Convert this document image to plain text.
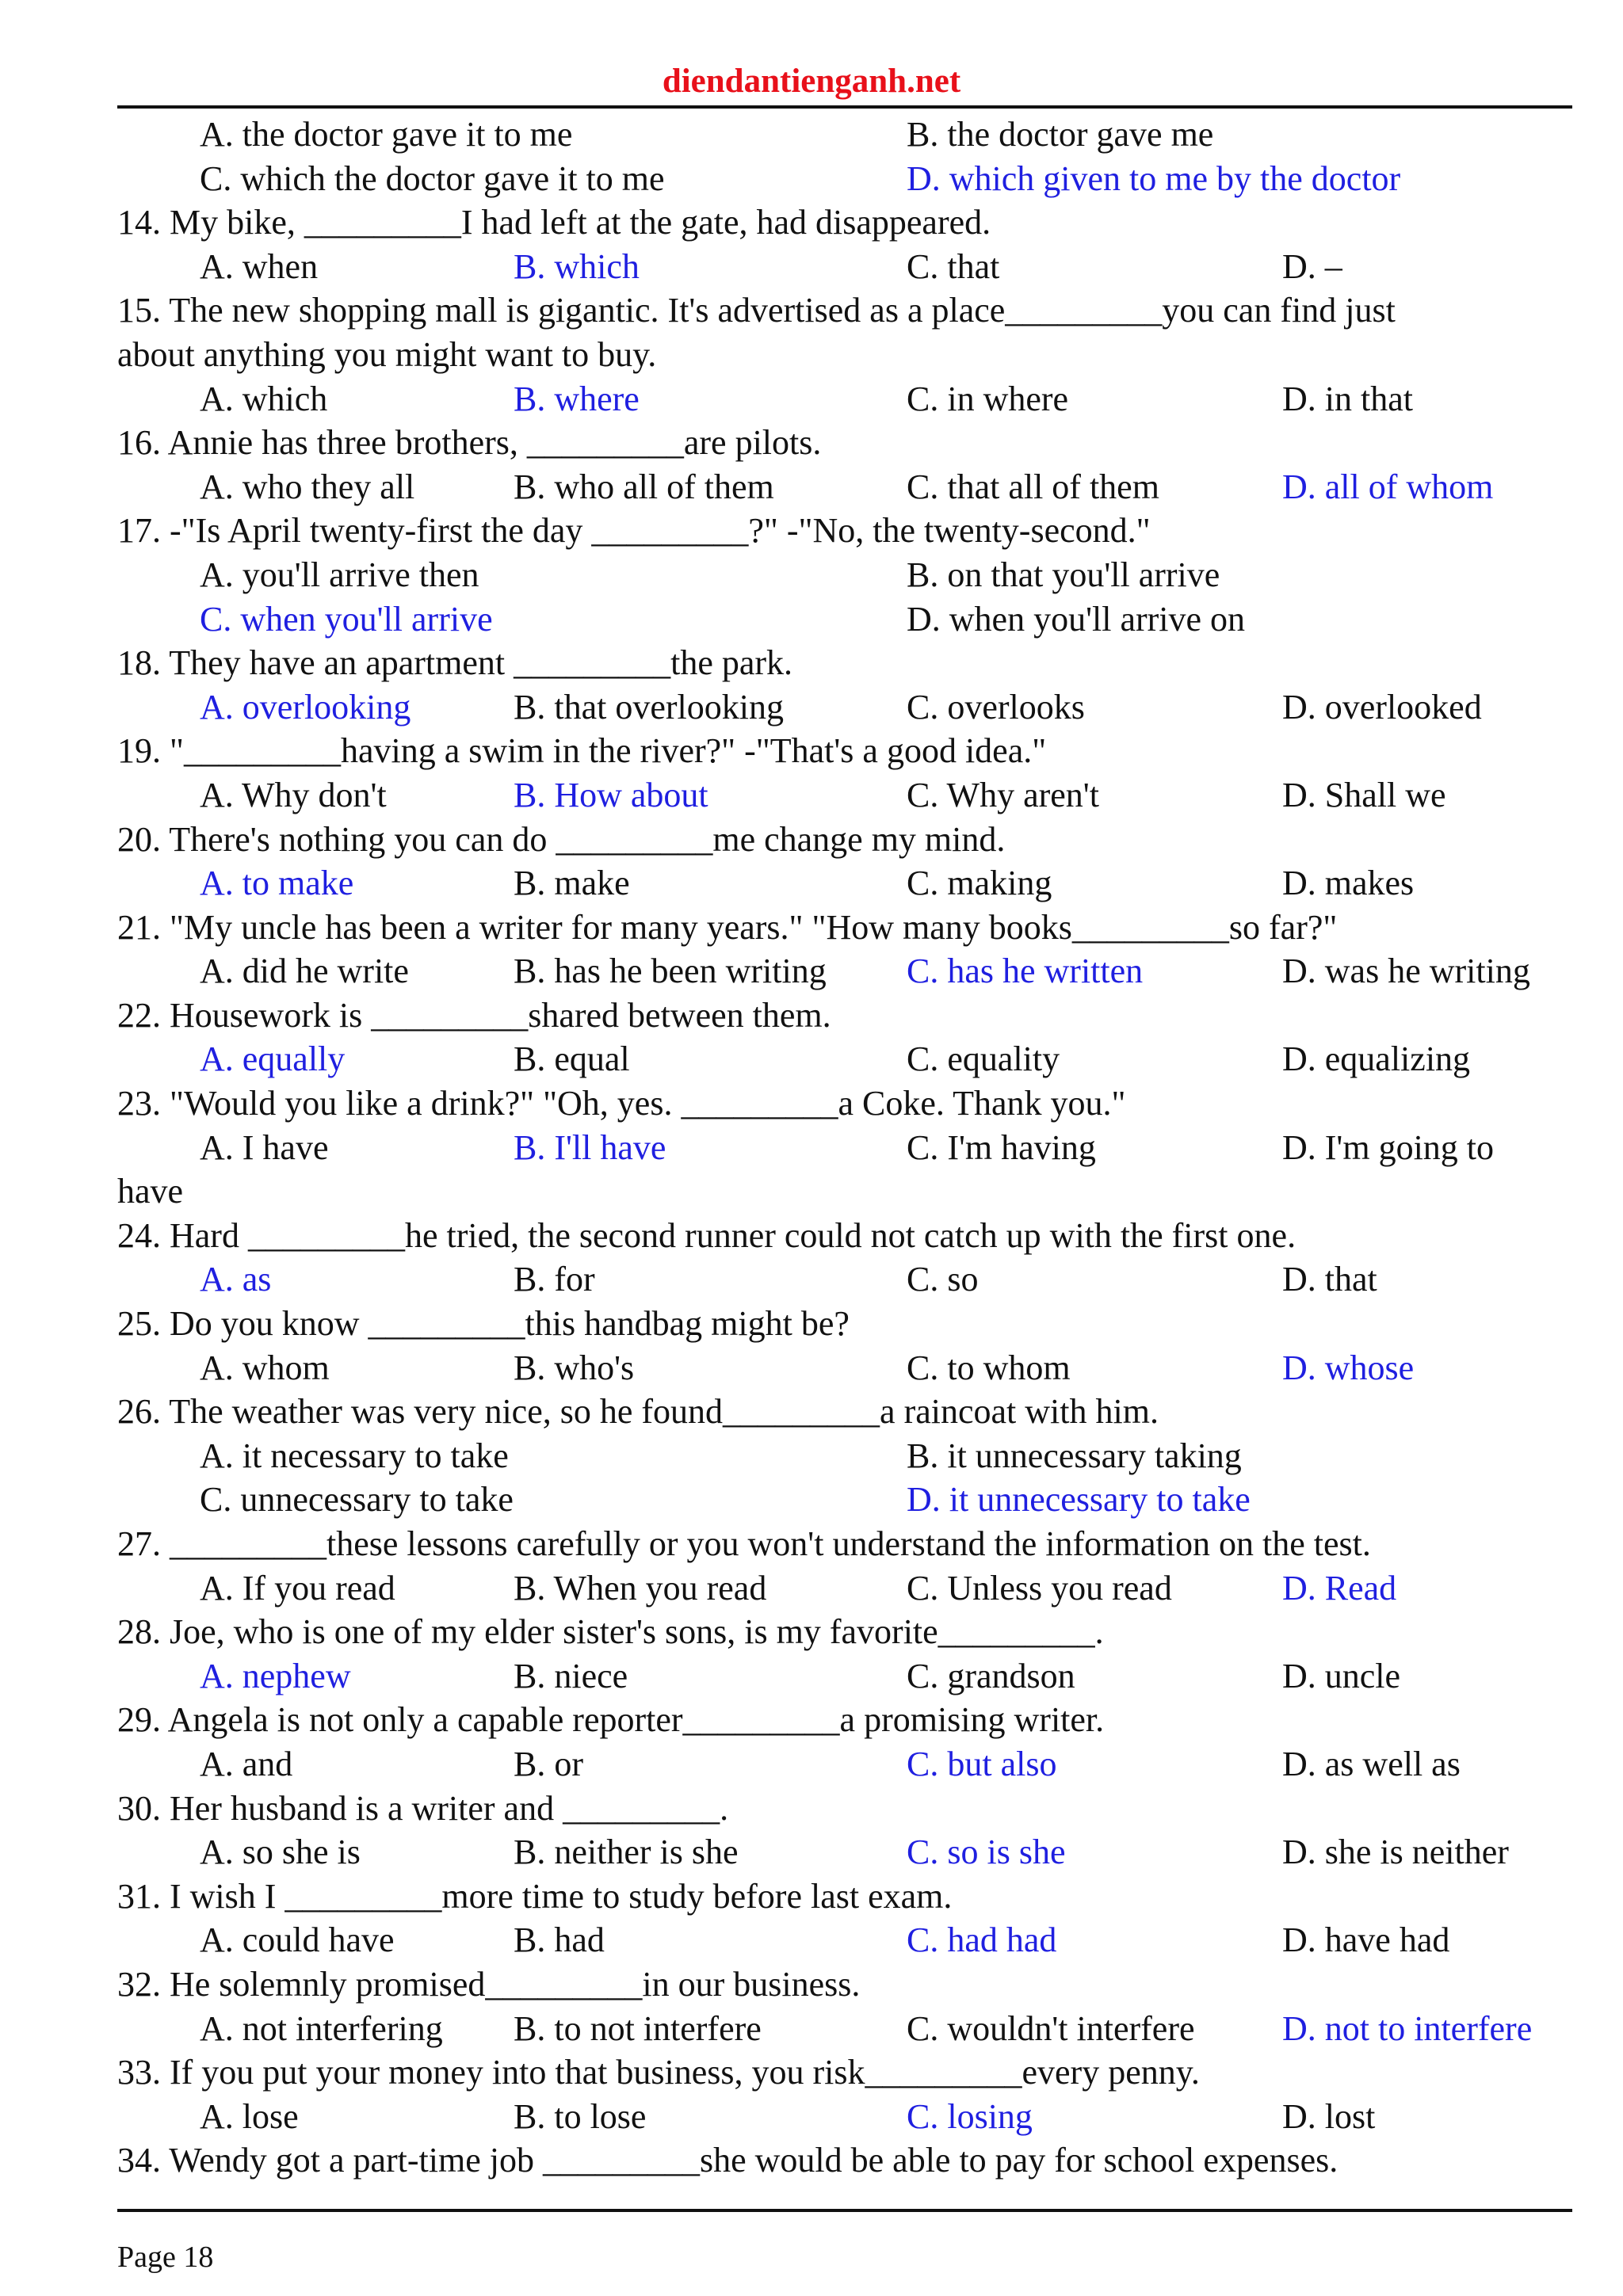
diendantienganh.net
A. the doctor gave it to me	B. the doctor gave me
C. which the doctor gave it to me	D. which given to me by the doctor
14. My bike, _________I had left at the gate, had disappeared.
A. when	B. which	C. that	D. –
15. The new shopping mall is gigantic. It's advertised as a place_________you can find just
about anything you might want to buy.
A. which	B. where	C. in where	D. in that
16. Annie has three brothers, _________are pilots.
A. who they all	B. who all of them	C. that all of them	D. all of whom
17. -"Is April twenty-first the day _________?" -"No, the twenty-second."
A. you'll arrive then	B. on that you'll arrive
C. when you'll arrive	D. when you'll arrive on
18. They have an apartment _________the park.
A. overlooking	B. that overlooking	C. overlooks	D. overlooked
19. "_________having a swim in the river?" -"That's a good idea."
A. Why don't	B. How about	C. Why aren't	D. Shall we
20. There's nothing you can do _________me change my mind.
A. to make	B. make	C. making	D. makes
21. "My uncle has been a writer for many years." "How many books_________so far?"
A. did he write	B. has he been writing C. has he written	D. was he writing
22. Housework is _________shared between them.
A. equally	B. equal	C. equality	D. equalizing
23. "Would you like a drink?" "Oh, yes. _________a Coke. Thank you."
A. I have	B. I'll have	C. I'm having	D. I'm going to
have
24. Hard _________he tried, the second runner could not catch up with the first one.
A. as	B. for	C. so	D. that
25. Do you know _________this handbag might be?
A. whom	B. who's	C. to whom	D. whose
26. The weather was very nice, so he found_________a raincoat with him.
A. it necessary to take	B. it unnecessary taking
C. unnecessary to take	D. it unnecessary to take
27. _________these lessons carefully or you won't understand the information on the test.
A. If you read	B. When you read	C. Unless you read	D. Read
28. Joe, who is one of my elder sister's sons, is my favorite_________.
A. nephew	B. niece	C. grandson	D. uncle
29. Angela is not only a capable reporter_________a promising writer.
A. and	B. or	C. but also	D. as well as
30. Her husband is a writer and _________.
A. so she is	B. neither is she	C. so is she	D. she is neither
31. I wish I _________more time to study before last exam.
A. could have	B. had	C. had had	D. have had
32. He solemnly promised_________in our business.
A. not interfering B. to not interfere	C. wouldn't interfere	D. not to interfere
33. If you put your money into that business, you risk_________every penny.
A. lose	B. to lose	C. losing	D. lost
34. Wendy got a part-time job _________she would be able to pay for school expenses.
Page 18
